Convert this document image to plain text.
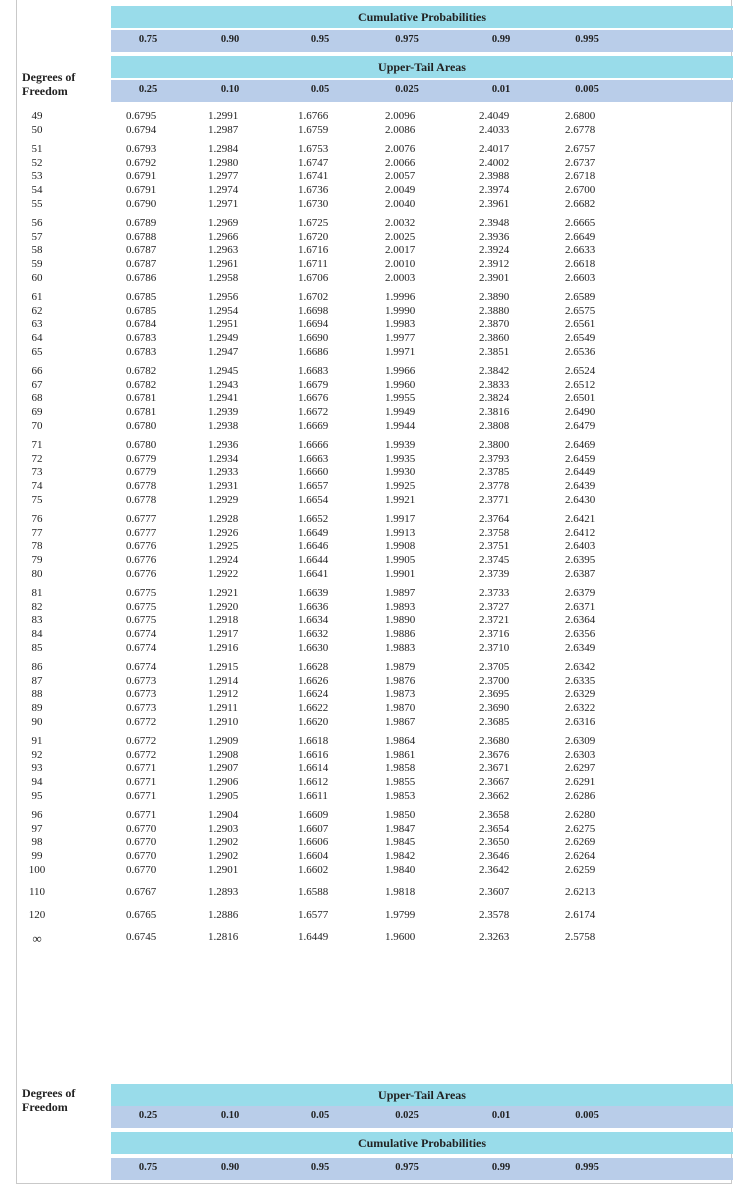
Cumulative Probabilities
0.75	0.90	0.95	0.975	0.99	0.995
Upper-Tail Areas
0.25	0.10	0.05	0.025	0.01	0.005
Degrees of
Freedom
49	0.6795	1.2991	1.6766	2.0096	2.4049	2.6800
50	0.6794	1.2987	1.6759	2.0086	2.4033	2.6778
51	0.6793	1.2984	1.6753	2.0076	2.4017	2.6757
52	0.6792	1.2980	1.6747	2.0066	2.4002	2.6737
53	0.6791	1.2977	1.6741	2.0057	2.3988	2.6718
54	0.6791	1.2974	1.6736	2.0049	2.3974	2.6700
55	0.6790	1.2971	1.6730	2.0040	2.3961	2.6682
56	0.6789	1.2969	1.6725	2.0032	2.3948	2.6665
57	0.6788	1.2966	1.6720	2.0025	2.3936	2.6649
58	0.6787	1.2963	1.6716	2.0017	2.3924	2.6633
59	0.6787	1.2961	1.6711	2.0010	2.3912	2.6618
60	0.6786	1.2958	1.6706	2.0003	2.3901	2.6603
61	0.6785	1.2956	1.6702	1.9996	2.3890	2.6589
62	0.6785	1.2954	1.6698	1.9990	2.3880	2.6575
63	0.6784	1.2951	1.6694	1.9983	2.3870	2.6561
64	0.6783	1.2949	1.6690	1.9977	2.3860	2.6549
65	0.6783	1.2947	1.6686	1.9971	2.3851	2.6536
66	0.6782	1.2945	1.6683	1.9966	2.3842	2.6524
67	0.6782	1.2943	1.6679	1.9960	2.3833	2.6512
68	0.6781	1.2941	1.6676	1.9955	2.3824	2.6501
69	0.6781	1.2939	1.6672	1.9949	2.3816	2.6490
70	0.6780	1.2938	1.6669	1.9944	2.3808	2.6479
71	0.6780	1.2936	1.6666	1.9939	2.3800	2.6469
72	0.6779	1.2934	1.6663	1.9935	2.3793	2.6459
73	0.6779	1.2933	1.6660	1.9930	2.3785	2.6449
74	0.6778	1.2931	1.6657	1.9925	2.3778	2.6439
75	0.6778	1.2929	1.6654	1.9921	2.3771	2.6430
76	0.6777	1.2928	1.6652	1.9917	2.3764	2.6421
77	0.6777	1.2926	1.6649	1.9913	2.3758	2.6412
78	0.6776	1.2925	1.6646	1.9908	2.3751	2.6403
79	0.6776	1.2924	1.6644	1.9905	2.3745	2.6395
80	0.6776	1.2922	1.6641	1.9901	2.3739	2.6387
81	0.6775	1.2921	1.6639	1.9897	2.3733	2.6379
82	0.6775	1.2920	1.6636	1.9893	2.3727	2.6371
83	0.6775	1.2918	1.6634	1.9890	2.3721	2.6364
84	0.6774	1.2917	1.6632	1.9886	2.3716	2.6356
85	0.6774	1.2916	1.6630	1.9883	2.3710	2.6349
86	0.6774	1.2915	1.6628	1.9879	2.3705	2.6342
87	0.6773	1.2914	1.6626	1.9876	2.3700	2.6335
88	0.6773	1.2912	1.6624	1.9873	2.3695	2.6329
89	0.6773	1.2911	1.6622	1.9870	2.3690	2.6322
90	0.6772	1.2910	1.6620	1.9867	2.3685	2.6316
91	0.6772	1.2909	1.6618	1.9864	2.3680	2.6309
92	0.6772	1.2908	1.6616	1.9861	2.3676	2.6303
93	0.6771	1.2907	1.6614	1.9858	2.3671	2.6297
94	0.6771	1.2906	1.6612	1.9855	2.3667	2.6291
95	0.6771	1.2905	1.6611	1.9853	2.3662	2.6286
96	0.6771	1.2904	1.6609	1.9850	2.3658	2.6280
97	0.6770	1.2903	1.6607	1.9847	2.3654	2.6275
98	0.6770	1.2902	1.6606	1.9845	2.3650	2.6269
99	0.6770	1.2902	1.6604	1.9842	2.3646	2.6264
100	0.6770	1.2901	1.6602	1.9840	2.3642	2.6259
110	0.6767	1.2893	1.6588	1.9818	2.3607	2.6213
120	0.6765	1.2886	1.6577	1.9799	2.3578	2.6174
∞	0.6745	1.2816	1.6449	1.9600	2.3263	2.5758
Degrees of
Freedom
Upper-Tail Areas
0.25	0.10	0.05	0.025	0.01	0.005
Cumulative Probabilities
0.75	0.90	0.95	0.975	0.99	0.995
